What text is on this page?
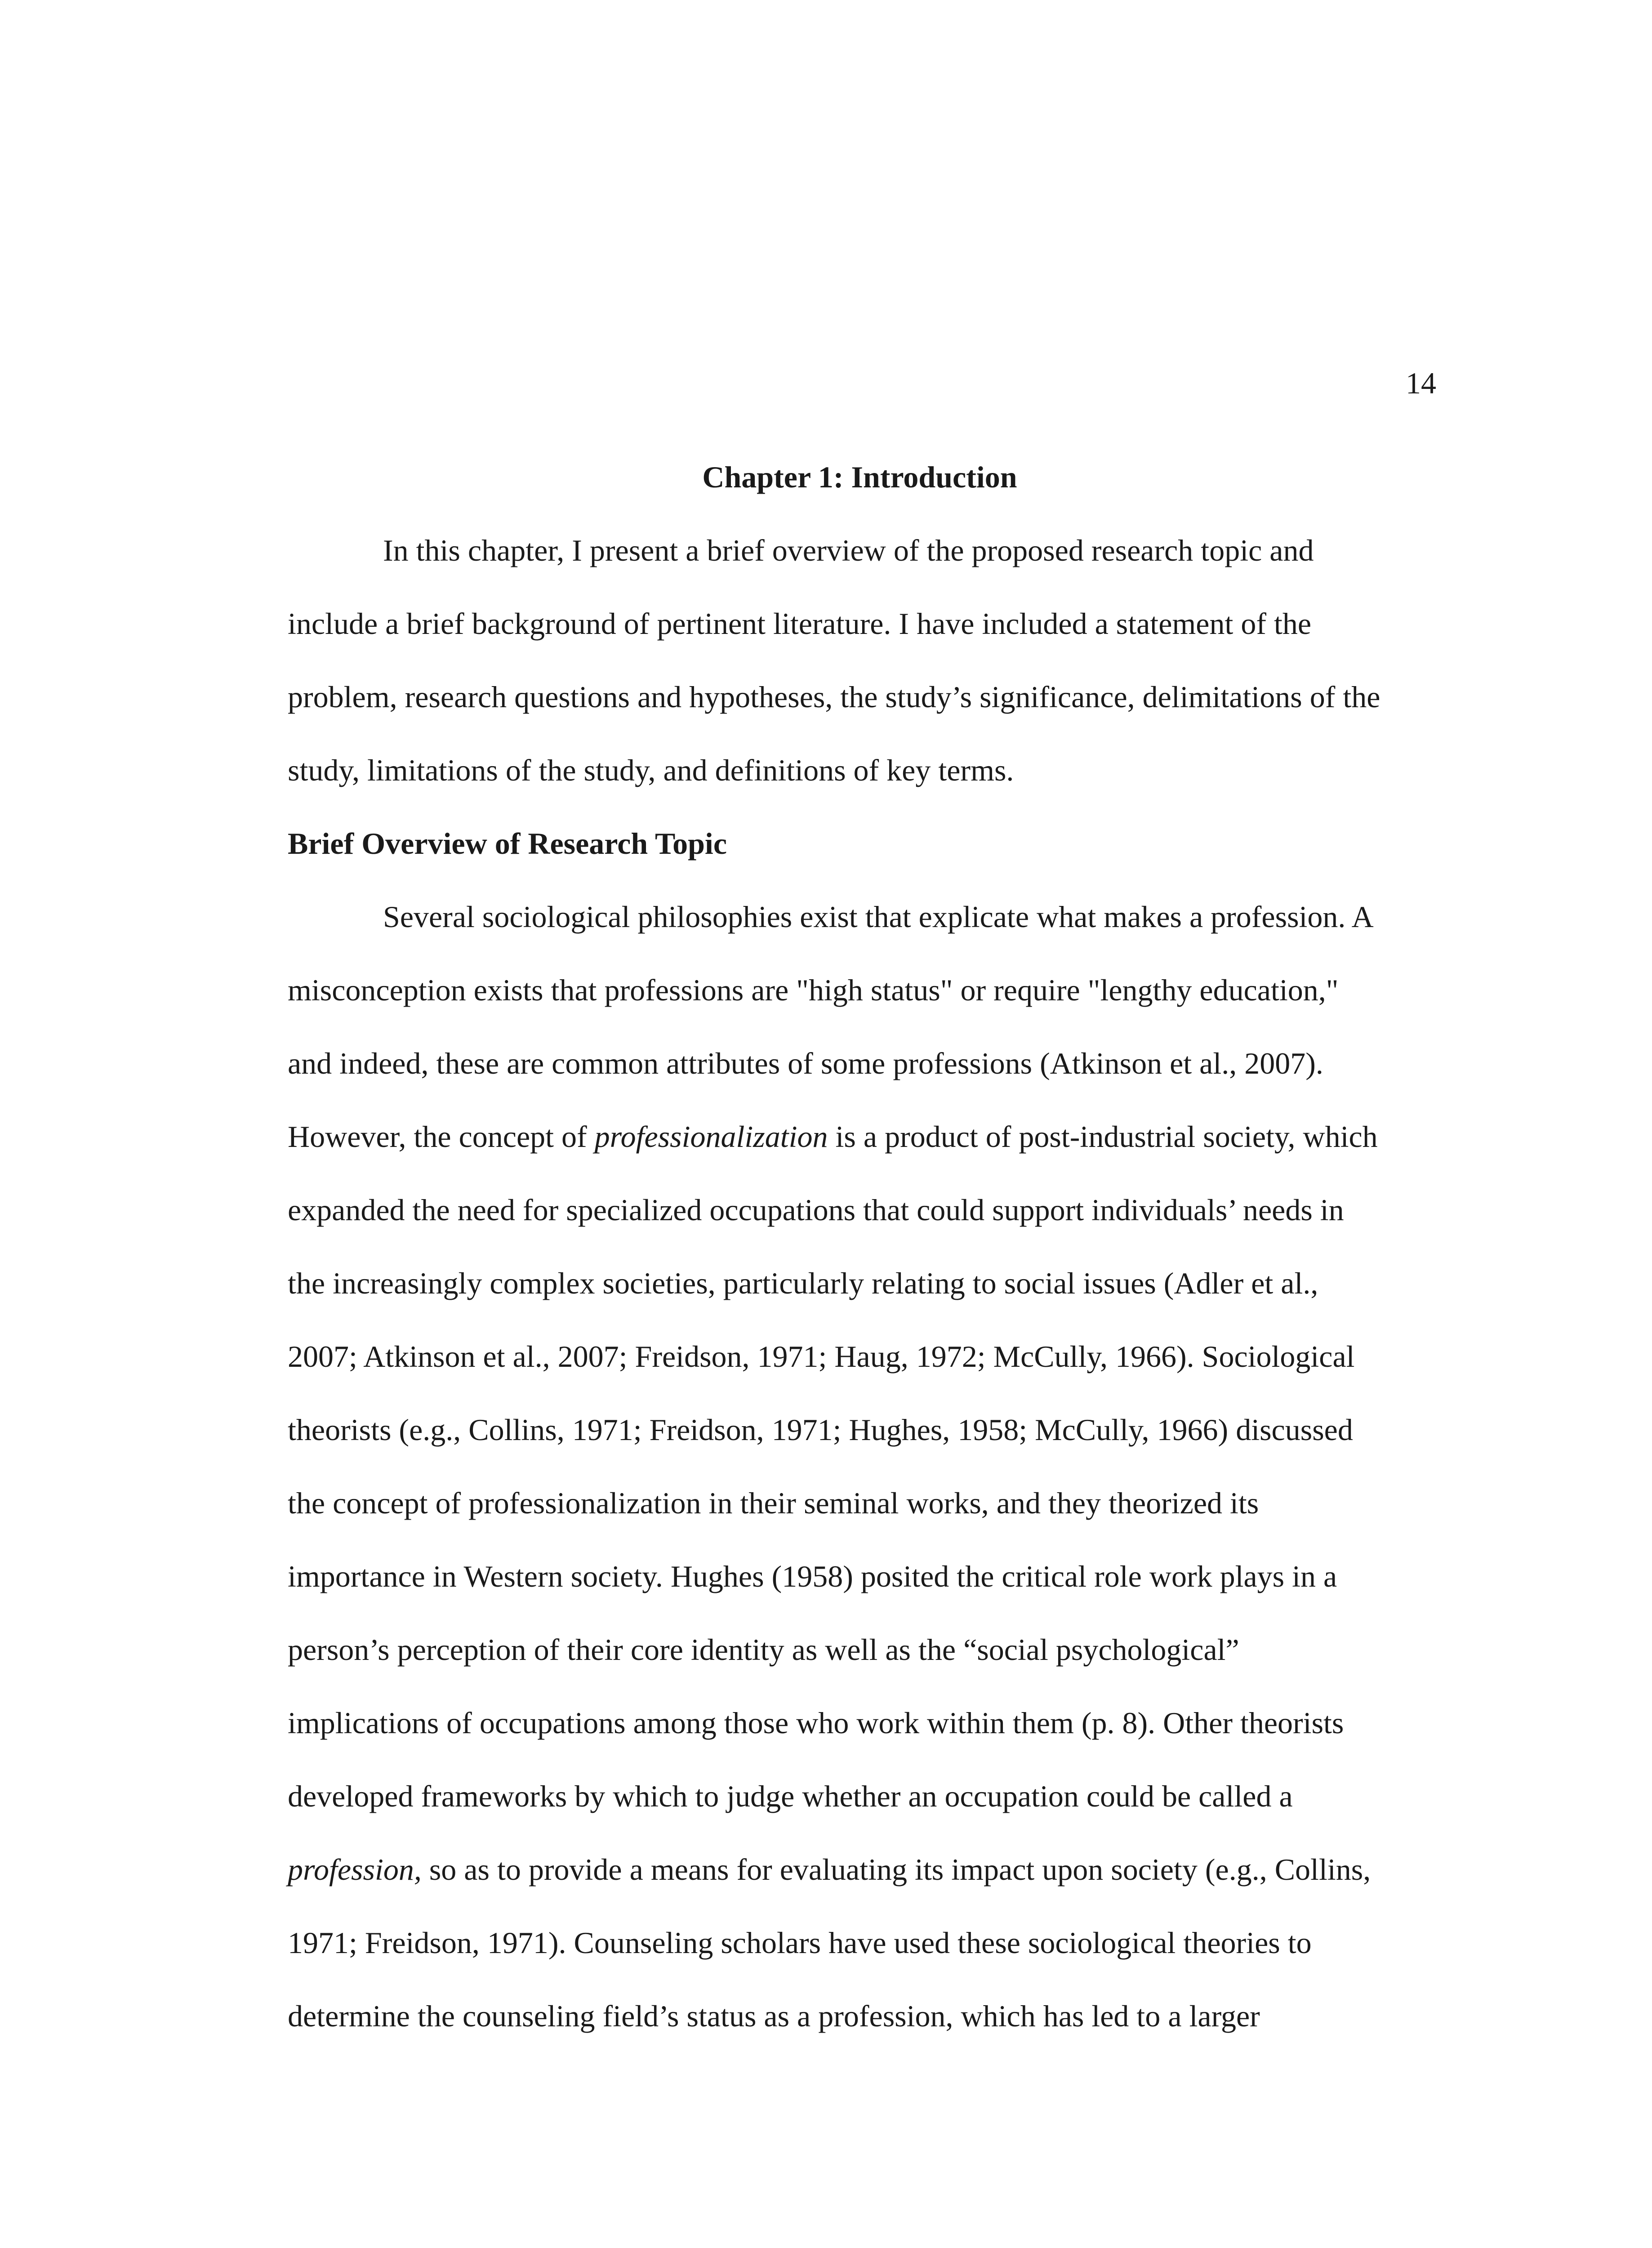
14
Chapter 1: Introduction
In this chapter, I present a brief overview of the proposed research topic and
include a brief background of pertinent literature. I have included a statement of the
problem, research questions and hypotheses, the study’s significance, delimitations of the
study, limitations of the study, and definitions of key terms.
Brief Overview of Research Topic
Several sociological philosophies exist that explicate what makes a profession. A
misconception exists that professions are "high status" or require "lengthy education,"
and indeed, these are common attributes of some professions (Atkinson et al., 2007).
However, the concept of professionalization is a product of post-industrial society, which
expanded the need for specialized occupations that could support individuals’ needs in
the increasingly complex societies, particularly relating to social issues (Adler et al.,
2007; Atkinson et al., 2007; Freidson, 1971; Haug, 1972; McCully, 1966). Sociological
theorists (e.g., Collins, 1971; Freidson, 1971; Hughes, 1958; McCully, 1966) discussed
the concept of professionalization in their seminal works, and they theorized its
importance in Western society. Hughes (1958) posited the critical role work plays in a
person’s perception of their core identity as well as the “social psychological”
implications of occupations among those who work within them (p. 8). Other theorists
developed frameworks by which to judge whether an occupation could be called a
profession, so as to provide a means for evaluating its impact upon society (e.g., Collins,
1971; Freidson, 1971). Counseling scholars have used these sociological theories to
determine the counseling field’s status as a profession, which has led to a larger
